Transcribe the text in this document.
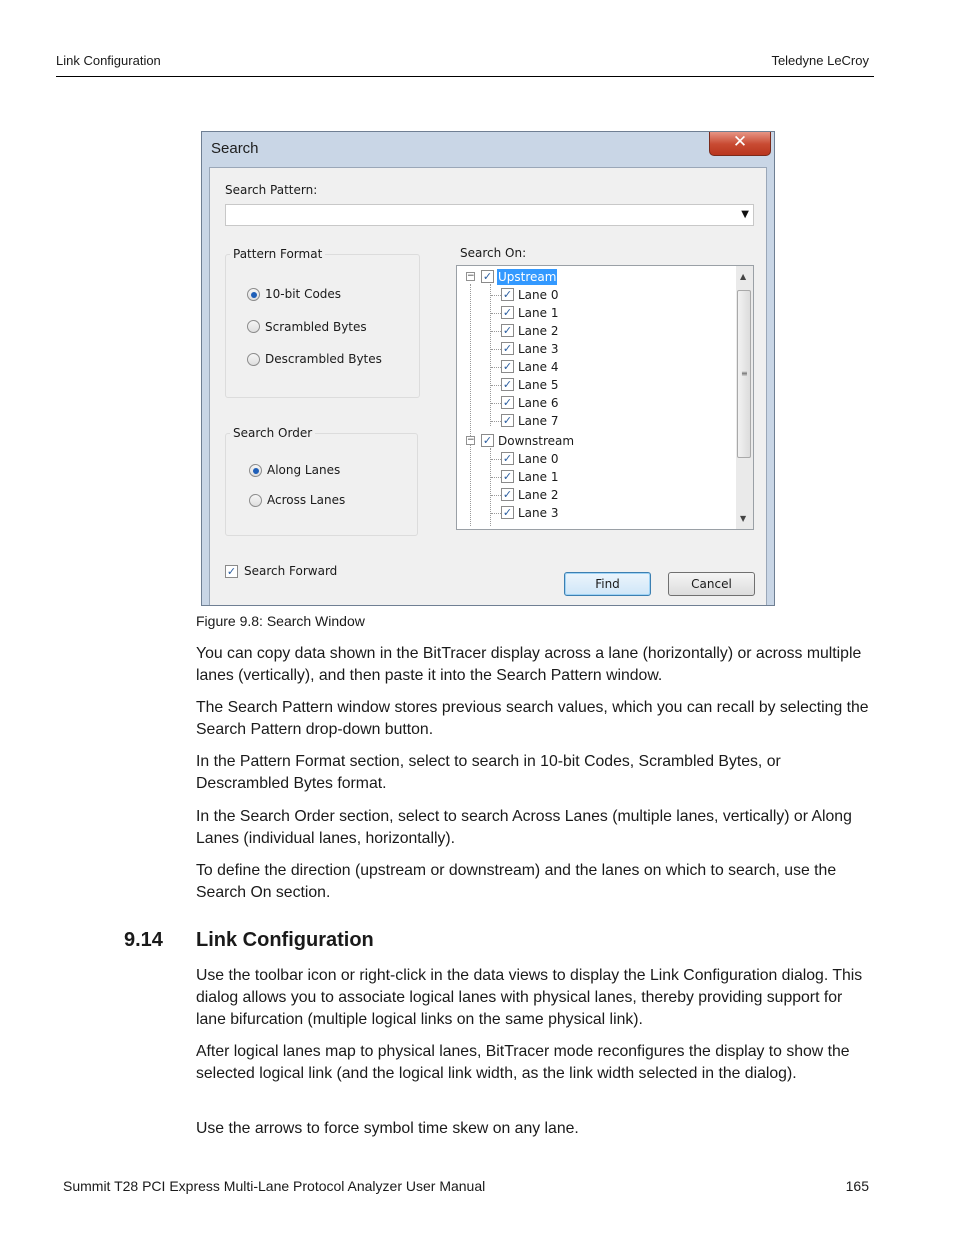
Link Configuration	Teledyne LeCroy
Search	✕
Search Pattern:
▼
Pattern Format
10-bit Codes
Scrambled Bytes
Descrambled Bytes
Search Order
Along Lanes
Across Lanes
Search On:
− ✓ Upstream
✓ Lane 0
✓ Lane 1
✓ Lane 2
✓ Lane 3
✓ Lane 4
✓ Lane 5
✓ Lane 6
✓ Lane 7
− ✓ Downstream
✓ Lane 0
✓ Lane 1
✓ Lane 2
✓ Lane 3
▲
≡
▼
✓ Search Forward
Find	Cancel
Figure 9.8: Search Window
You can copy data shown in the BitTracer display across a lane (horizontally) or across multiple lanes (vertically), and then paste it into the Search Pattern window.
The Search Pattern window stores previous search values, which you can recall by selecting the Search Pattern drop-down button.
In the Pattern Format section, select to search in 10-bit Codes, Scrambled Bytes, or Descrambled Bytes format.
In the Search Order section, select to search Across Lanes (multiple lanes, vertically) or Along Lanes (individual lanes, horizontally).
To define the direction (upstream or downstream) and the lanes on which to search, use the Search On section.
9.14 Link Configuration
Use the toolbar icon or right-click in the data views to display the Link Configuration dialog. This dialog allows you to associate logical lanes with physical lanes, thereby providing support for lane bifurcation (multiple logical links on the same physical link).
After logical lanes map to physical lanes, BitTracer mode reconfigures the display to show the selected logical link (and the logical link width, as the link width selected in the dialog).
Use the arrows to force symbol time skew on any lane.
Summit T28 PCI Express Multi-Lane Protocol Analyzer User Manual	165
